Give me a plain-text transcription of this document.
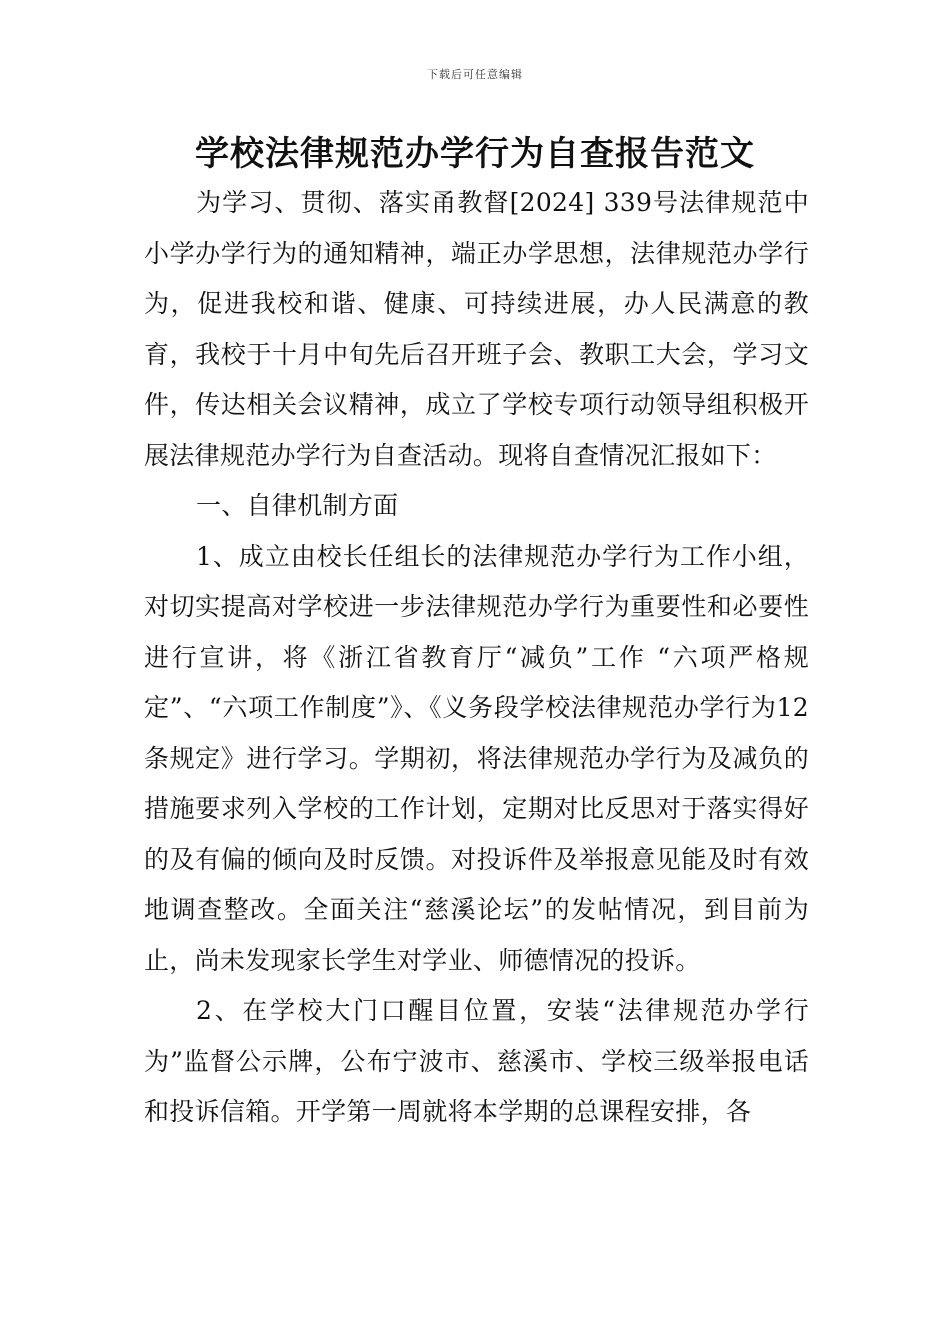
下载后可任意编辑
学校法律规范办学行为自查报告范文

为学习、贯彻、落实甬教督[2024] 339号法律规范中小学办学行为的通知精神，端正办学思想，法律规范办学行为，促进我校和谐、健康、可持续进展，办人民满意的教育，我校于十月中旬先后召开班子会、教职工大会，学习文件，传达相关会议精神，成立了学校专项行动领导组积极开展法律规范办学行为自查活动。现将自查情况汇报如下：

一、自律机制方面

1、成立由校长任组长的法律规范办学行为工作小组，对切实提高对学校进一步法律规范办学行为重要性和必要性进行宣讲，将《浙江省教育厅“减负”工作 “六项严格规定”、“六项工作制度”》、《义务段学校法律规范办学行为12条规定》进行学习。学期初，将法律规范办学行为及减负的措施要求列入学校的工作计划，定期对比反思对于落实得好的及有偏的倾向及时反馈。对投诉件及举报意见能及时有效地调查整改。全面关注“慈溪论坛”的发帖情况，到目前为止，尚未发现家长学生对学业、师德情况的投诉。

2、在学校大门口醒目位置，安装“法律规范办学行为”监督公示牌，公布宁波市、慈溪市、学校三级举报电话和投诉信箱。开学第一周就将本学期的总课程安排，各
